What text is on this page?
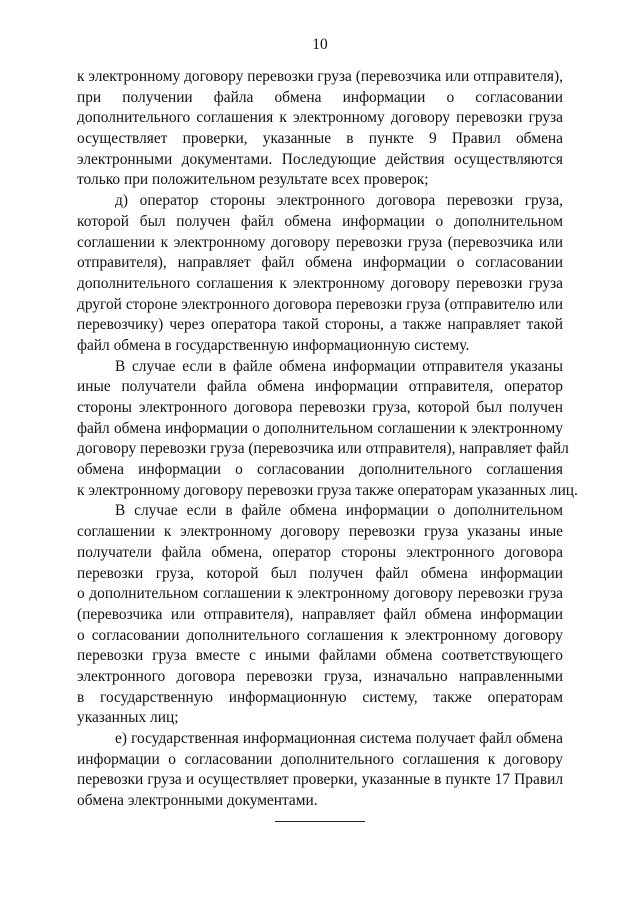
10
к электронному договору перевозки груза (перевозчика или отправителя),
при получении файла обмена информации о согласовании
дополнительного соглашения к электронному договору перевозки груза
осуществляет проверки, указанные в пункте 9 Правил обмена
электронными документами. Последующие действия осуществляются
только при положительном результате всех проверок;
д) оператор стороны электронного договора перевозки груза,
которой был получен файл обмена информации о дополнительном
соглашении к электронному договору перевозки груза (перевозчика или
отправителя), направляет файл обмена информации о согласовании
дополнительного соглашения к электронному договору перевозки груза
другой стороне электронного договора перевозки груза (отправителю или
перевозчику) через оператора такой стороны, а также направляет такой
файл обмена в государственную информационную систему.
В случае если в файле обмена информации отправителя указаны
иные получатели файла обмена информации отправителя, оператор
стороны электронного договора перевозки груза, которой был получен
файл обмена информации о дополнительном соглашении к электронному
договору перевозки груза (перевозчика или отправителя), направляет файл
обмена информации о согласовании дополнительного соглашения
к электронному договору перевозки груза также операторам указанных лиц.
В случае если в файле обмена информации о дополнительном
соглашении к электронному договору перевозки груза указаны иные
получатели файла обмена, оператор стороны электронного договора
перевозки груза, которой был получен файл обмена информации
о дополнительном соглашении к электронному договору перевозки груза
(перевозчика или отправителя), направляет файл обмена информации
о согласовании дополнительного соглашения к электронному договору
перевозки груза вместе с иными файлами обмена соответствующего
электронного договора перевозки груза, изначально направленными
в государственную информационную систему, также операторам
указанных лиц;
е) государственная информационная система получает файл обмена
информации о согласовании дополнительного соглашения к договору
перевозки груза и осуществляет проверки, указанные в пункте 17 Правил
обмена электронными документами.
